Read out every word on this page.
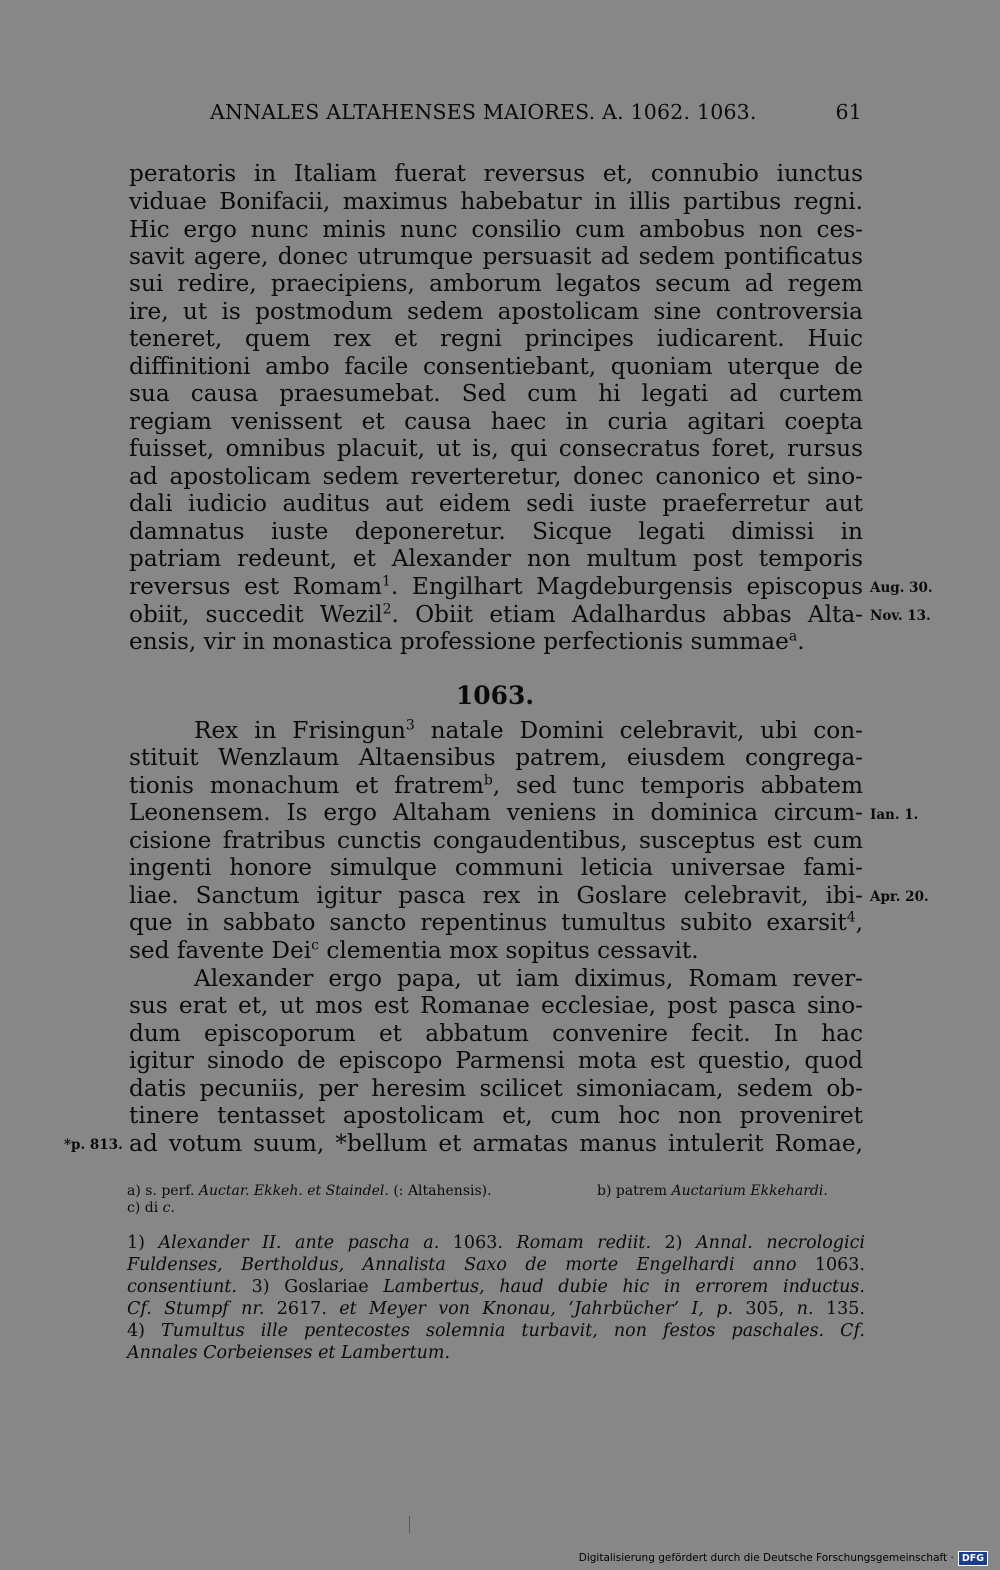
ANNALES ALTAHENSES MAIORES. A. 1062. 1063.	61
peratoris in Italiam fuerat reversus et, connubio iunctus
viduae Bonifacii, maximus habebatur in illis partibus regni.
Hic ergo nunc minis nunc consilio cum ambobus non ces-
savit agere, donec utrumque persuasit ad sedem pontificatus
sui redire, praecipiens, amborum legatos secum ad regem
ire, ut is postmodum sedem apostolicam sine controversia
teneret, quem rex et regni principes iudicarent. Huic
diffinitioni ambo facile consentiebant, quoniam uterque de
sua causa praesumebat. Sed cum hi legati ad curtem
regiam venissent et causa haec in curia agitari coepta
fuisset, omnibus placuit, ut is, qui consecratus foret, rursus
ad apostolicam sedem reverteretur, donec canonico et sino-
dali iudicio auditus aut eidem sedi iuste praeferretur aut
damnatus iuste deponeretur. Sicque legati dimissi in
patriam redeunt, et Alexander non multum post temporis
reversus est Romam$^1$. Engilhart Magdeburgensis episcopus
obiit, succedit Wezil$^2$. Obiit etiam Adalhardus abbas Alta-
ensis, vir in monastica professione perfectionis summae$^a$.
1063.
Rex in Frisingun$^3$ natale Domini celebravit, ubi con-
stituit Wenzlaum Altaensibus patrem, eiusdem congrega-
tionis monachum et fratrem$^b$, sed tunc temporis abbatem
Leonensem. Is ergo Altaham veniens in dominica circum-
cisione fratribus cunctis congaudentibus, susceptus est cum
ingenti honore simulque communi leticia universae fami-
liae. Sanctum igitur pasca rex in Goslare celebravit, ibi-
que in sabbato sancto repentinus tumultus subito exarsit$^4$,
sed favente Dei$^c$ clementia mox sopitus cessavit.
Alexander ergo papa, ut iam diximus, Romam rever-
sus erat et, ut mos est Romanae ecclesiae, post pasca sino-
dum episcoporum et abbatum convenire fecit. In hac
igitur sinodo de episcopo Parmensi mota est questio, quod
datis pecuniis, per heresim scilicet simoniacam, sedem ob-
tinere tentasset apostolicam et, cum hoc non proveniret
ad votum suum, *bellum et armatas manus intulerit Romae,
Aug. 30.
Nov. 13.
Ian. 1.
Apr. 20.
*p. 813.
a) s. perf. Auctar. Ekkeh. et Staindel. (: Altahensis).	b) patrem Auctarium Ekkehardi.
c) di c.
1) Alexander II. ante pascha a. 1063. Romam rediit. 2) Annal. necrologici
Fuldenses, Bertholdus, Annalista Saxo de morte Engelhardi anno 1063.
consentiunt. 3) Goslariae Lambertus, haud dubie hic in errorem inductus.
Cf. Stumpf nr. 2617. et Meyer von Knonau, ‘Jahrbücher’ I, p. 305, n. 135.
4) Tumultus ille pentecostes solemnia turbavit, non festos paschales. Cf.
Annales Corbeienses et Lambertum.
Digitalisierung gefördert durch die Deutsche Forschungsgemeinschaft · DFG
